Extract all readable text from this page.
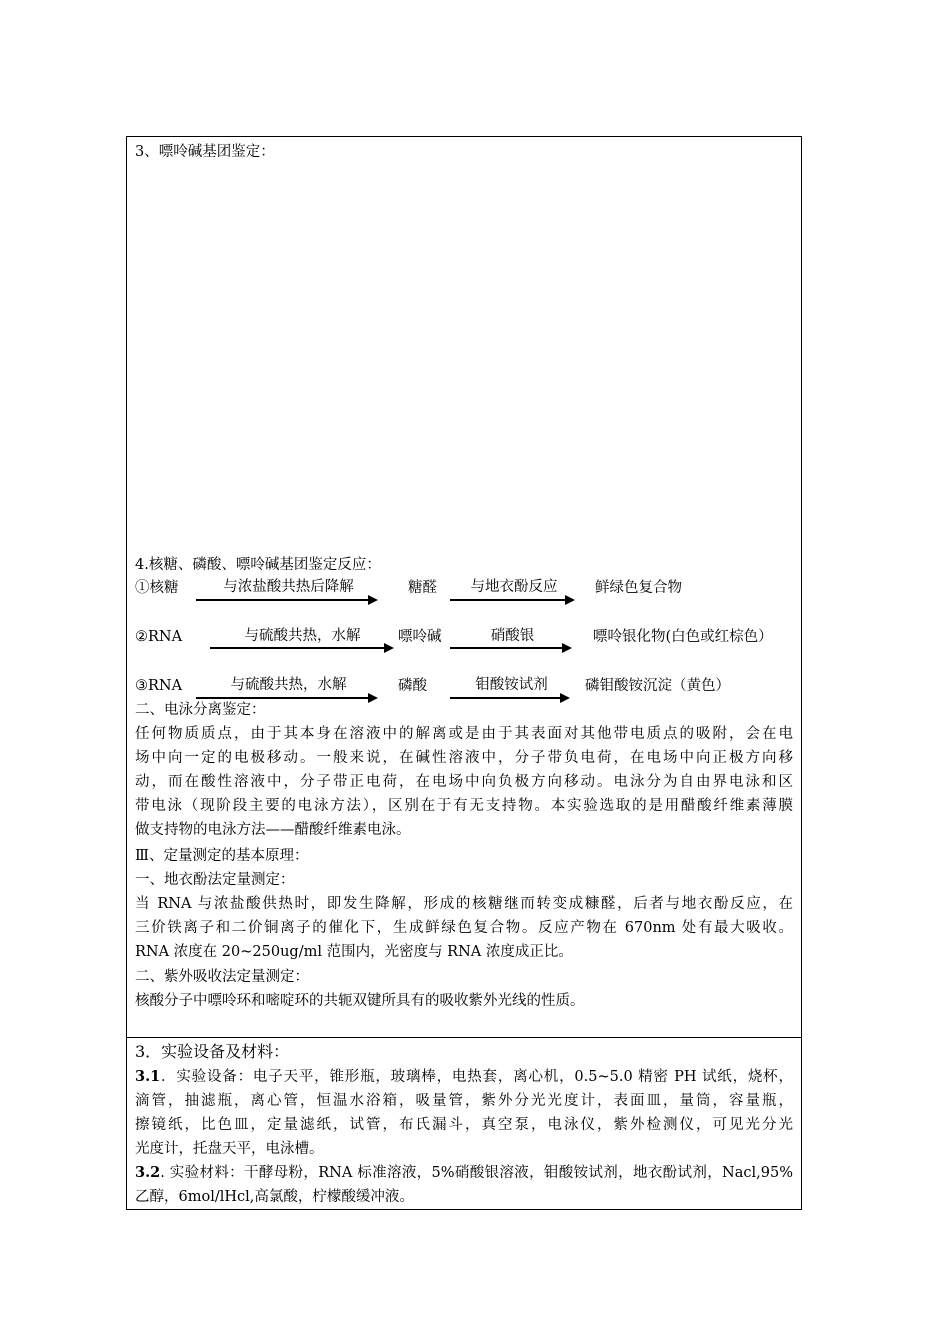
3、嘌呤碱基团鉴定：
4.核糖、磷酸、嘌呤碱基团鉴定反应：
①核糖	与浓盐酸共热后降解	糖醛	与地衣酚反应	鲜绿色复合物
②RNA	与硫酸共热，水解	嘌呤碱	硝酸银	嘌呤银化物(白色或红棕色）
③RNA	与硫酸共热，水解	磷酸	钼酸铵试剂	磷钼酸铵沉淀（黄色）
二、电泳分离鉴定：
任何物质质点，由于其本身在溶液中的解离或是由于其表面对其他带电质点的吸附，会在电
场中向一定的电极移动。一般来说，在碱性溶液中，分子带负电荷，在电场中向正极方向移
动，而在酸性溶液中，分子带正电荷，在电场中向负极方向移动。电泳分为自由界电泳和区
带电泳（现阶段主要的电泳方法），区别在于有无支持物。本实验选取的是用醋酸纤维素薄膜
做支持物的电泳方法——醋酸纤维素电泳。
Ⅲ、定量测定的基本原理：
一、地衣酚法定量测定：
当 RNA 与浓盐酸供热时，即发生降解，形成的核糖继而转变成糠醛，后者与地衣酚反应，在
三价铁离子和二价铜离子的催化下，生成鲜绿色复合物。反应产物在 670nm 处有最大吸收。
RNA 浓度在 20~250ug/ml 范围内，光密度与 RNA 浓度成正比。
二、紫外吸收法定量测定：
核酸分子中嘌呤环和嘧啶环的共轭双键所具有的吸收紫外光线的性质。
3．实验设备及材料：
3.1．实验设备：电子天平，锥形瓶，玻璃棒，电热套，离心机，0.5~5.0 精密 PH 试纸，烧杯，
滴管，抽滤瓶，离心管，恒温水浴箱，吸量管，紫外分光光度计，表面皿，量筒，容量瓶，
擦镜纸，比色皿，定量滤纸，试管，布氏漏斗，真空泵，电泳仪，紫外检测仪，可见光分光
光度计，托盘天平，电泳槽。
3.2. 实验材料：干酵母粉，RNA 标准溶液，5%硝酸银溶液，钼酸铵试剂，地衣酚试剂，Nacl,95%
乙醇，6mol/lHcl,高氯酸，柠檬酸缓冲液。
